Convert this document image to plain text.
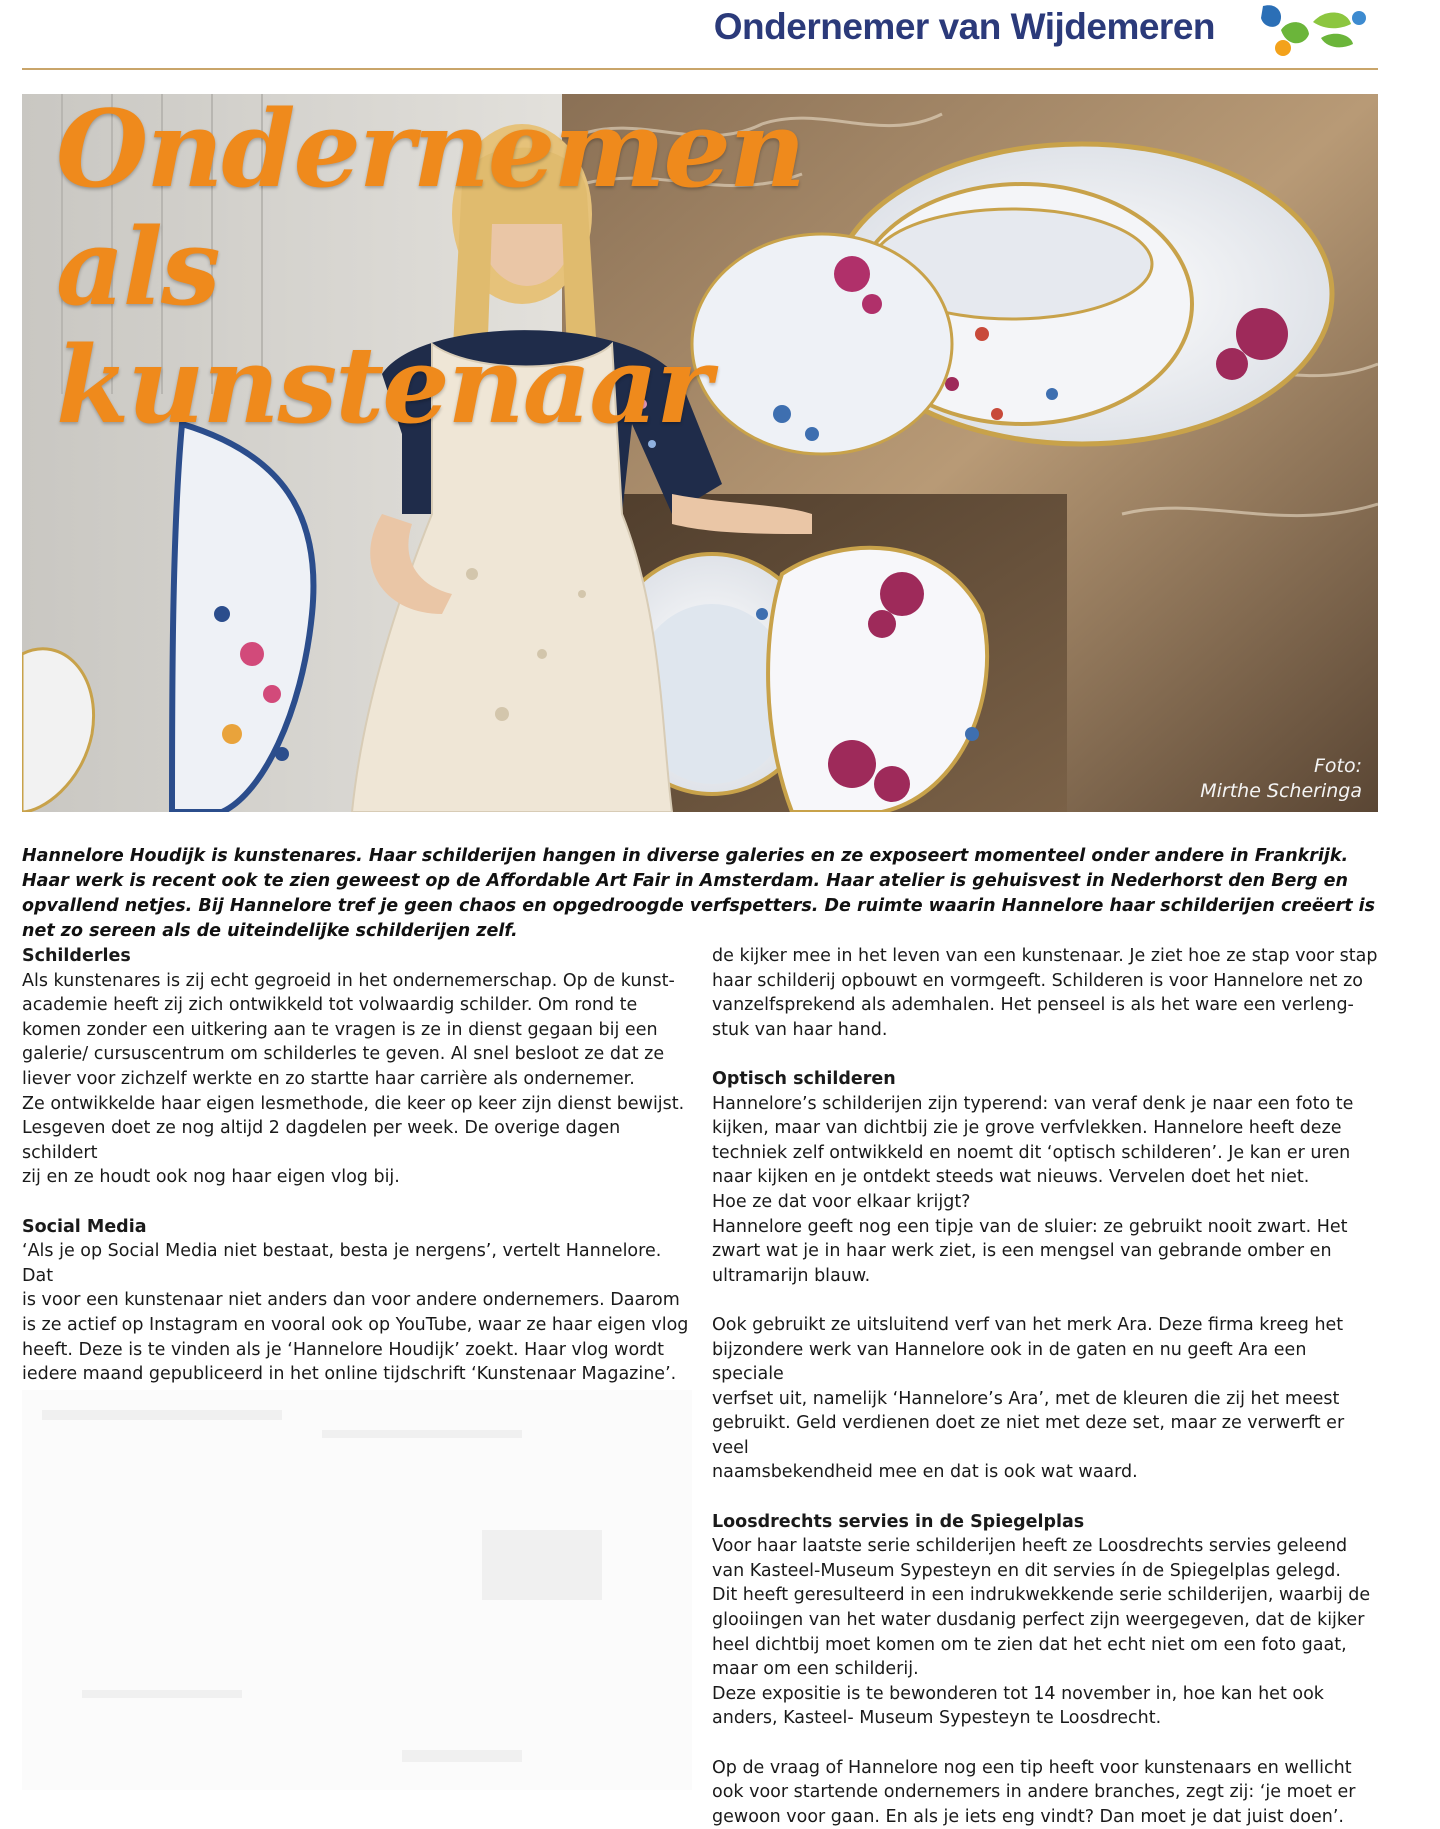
Ondernemer van Wijdemeren
Ondernemen
als
kunstenaar
Foto:
Mirthe Scheringa
Hannelore Houdijk is kunstenares. Haar schilderijen hangen in diverse galeries en ze exposeert momenteel onder andere in Frankrijk. Haar werk is recent ook te zien geweest op de Affordable Art Fair in Amsterdam. Haar atelier is gehuisvest in Nederhorst den Berg en opvallend netjes. Bij Hannelore tref je geen chaos en opgedroogde verfspetters. De ruimte waarin Hannelore haar schilderijen creëert is net zo sereen als de uiteindelijke schilderijen zelf.
Schilderles

Als kunstenares is zij echt gegroeid in het ondernemerschap. Op de kunst-
academie heeft zij zich ontwikkeld tot volwaardig schilder. Om rond te
komen zonder een uitkering aan te vragen is ze in dienst gegaan bij een
galerie/ cursuscentrum om schilderles te geven. Al snel besloot ze dat ze
liever voor zichzelf werkte en zo startte haar carrière als ondernemer.
Ze ontwikkelde haar eigen lesmethode, die keer op keer zijn dienst bewijst.
Lesgeven doet ze nog altijd 2 dagdelen per week. De overige dagen schildert
zij en ze houdt ook nog haar eigen vlog bij.

Social Media

‘Als je op Social Media niet bestaat, besta je nergens’, vertelt Hannelore. Dat
is voor een kunstenaar niet anders dan voor andere ondernemers. Daarom
is ze actief op Instagram en vooral ook op YouTube, waar ze haar eigen vlog
heeft. Deze is te vinden als je ‘Hannelore Houdijk’ zoekt. Haar vlog wordt
iedere maand gepubliceerd in het online tijdschrift ‘Kunstenaar Magazine’.

de kijker mee in het leven van een kunstenaar. Je ziet hoe ze stap voor stap
haar schilderij opbouwt en vormgeeft. Schilderen is voor Hannelore net zo
vanzelfsprekend als ademhalen. Het penseel is als het ware een verleng-
stuk van haar hand.

Optisch schilderen

Hannelore’s schilderijen zijn typerend: van veraf denk je naar een foto te
kijken, maar van dichtbij zie je grove verfvlekken. Hannelore heeft deze
techniek zelf ontwikkeld en noemt dit ‘optisch schilderen’. Je kan er uren
naar kijken en je ontdekt steeds wat nieuws. Vervelen doet het niet.
Hoe ze dat voor elkaar krijgt?
Hannelore geeft nog een tipje van de sluier: ze gebruikt nooit zwart. Het
zwart wat je in haar werk ziet, is een mengsel van gebrande omber en
ultramarijn blauw.

Ook gebruikt ze uitsluitend verf van het merk Ara. Deze firma kreeg het
bijzondere werk van Hannelore ook in de gaten en nu geeft Ara een speciale
verfset uit, namelijk ‘Hannelore’s Ara’, met de kleuren die zij het meest
gebruikt. Geld verdienen doet ze niet met deze set, maar ze verwerft er veel
naamsbekendheid mee en dat is ook wat waard.

Loosdrechts servies in de Spiegelplas

Voor haar laatste serie schilderijen heeft ze Loosdrechts servies geleend
van Kasteel-Museum Sypesteyn en dit servies ín de Spiegelplas gelegd.
Dit heeft geresulteerd in een indrukwekkende serie schilderijen, waarbij de
glooiingen van het water dusdanig perfect zijn weergegeven, dat de kijker
heel dichtbij moet komen om te zien dat het echt niet om een foto gaat,
maar om een schilderij.
Deze expositie is te bewonderen tot 14 november in, hoe kan het ook
anders, Kasteel- Museum Sypesteyn te Loosdrecht.

Op de vraag of Hannelore nog een tip heeft voor kunstenaars en wellicht
ook voor startende ondernemers in andere branches, zegt zij: ‘je moet er
gewoon voor gaan. En als je iets eng vindt? Dan moet je dat juist doen’.
